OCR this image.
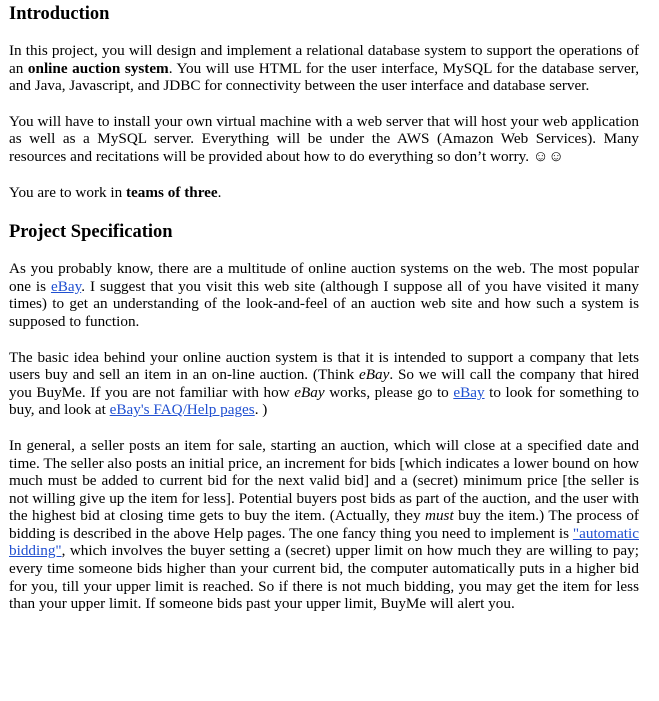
Introduction

In this project, you will design and implement a relational database system to support the operations of an online auction system. You will use HTML for the user interface, MySQL for the database server, and Java, Javascript, and JDBC for connectivity between the user interface and database server.

You will have to install your own virtual machine with a web server that will host your web application as well as a MySQL server. Everything will be under the AWS (Amazon Web Services). Many resources and recitations will be provided about how to do everything so don’t worry. ☺☺

You are to work in teams of three.

Project Specification

As you probably know, there are a multitude of online auction systems on the web. The most popular one is eBay. I suggest that you visit this web site (although I suppose all of you have visited it many times) to get an understanding of the look-and-feel of an auction web site and how such a system is supposed to function.

The basic idea behind your online auction system is that it is intended to support a company that lets users buy and sell an item in an on-line auction. (Think eBay. So we will call the company that hired you BuyMe. If you are not familiar with how eBay works, please go to eBay to look for something to buy, and look at eBay's FAQ/Help pages. )

In general, a seller posts an item for sale, starting an auction, which will close at a specified date and time. The seller also posts an initial price, an increment for bids [which indicates a lower bound on how much must be added to current bid for the next valid bid] and a (secret) minimum price [the seller is not willing give up the item for less]. Potential buyers post bids as part of the auction, and the user with the highest bid at closing time gets to buy the item. (Actually, they must buy the item.) The process of bidding is described in the above Help pages. The one fancy thing you need to implement is "automatic bidding", which involves the buyer setting a (secret) upper limit on how much they are willing to pay; every time someone bids higher than your current bid, the computer automatically puts in a higher bid for you, till your upper limit is reached. So if there is not much bidding, you may get the item for less than your upper limit. If someone bids past your upper limit, BuyMe will alert you.
